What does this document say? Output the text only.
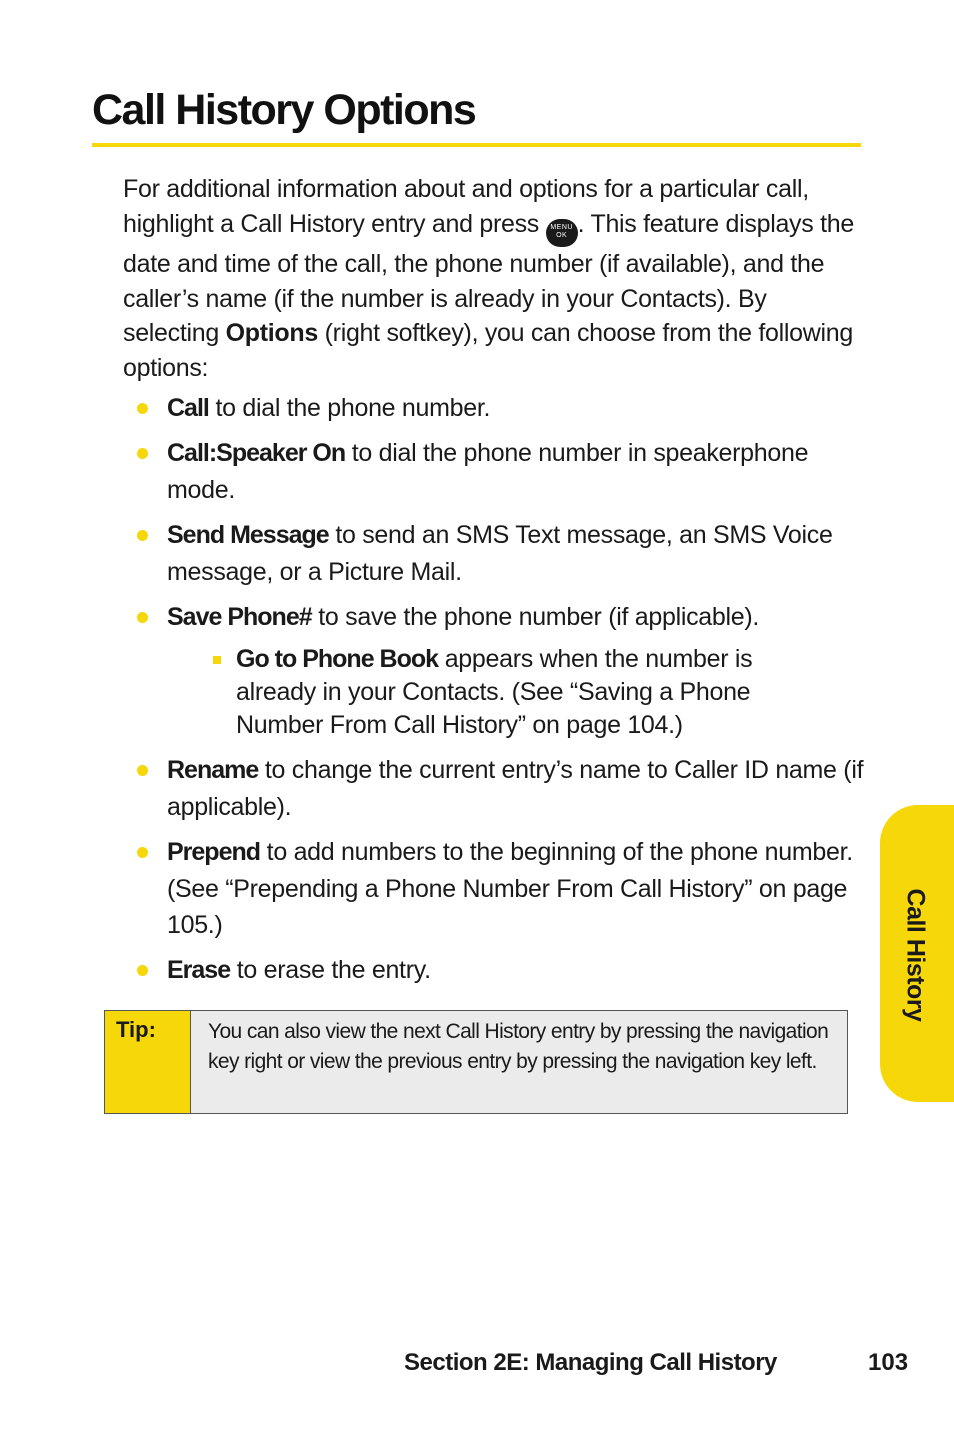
Call History Options

For additional information about and options for a particular call, highlight a Call History entry and press MENU
OK . This feature displays the date and time of the call, the phone number (if available), and the caller’s name (if the number is already in your Contacts). By selecting Options (right softkey), you can choose from the following options:

Call to dial the phone number.
Call:Speaker On to dial the phone number in speakerphone mode.
Send Message to send an SMS Text message, an SMS Voice message, or a Picture Mail.
Save Phone# to save the phone number (if applicable).
Go to Phone Book appears when the number is already in your Contacts. (See “Saving a Phone Number From Call History” on page 104.)
Rename to change the current entry’s name to Caller ID name (if applicable).
Prepend to add numbers to the beginning of the phone number. (See “Prepending a Phone Number From Call History” on page 105.)
Erase to erase the entry.
Tip:	You can also view the next Call History entry by pressing the navigation key right or view the previous entry by pressing the navigation key left.
Call History
Section 2E: Managing Call History	103
